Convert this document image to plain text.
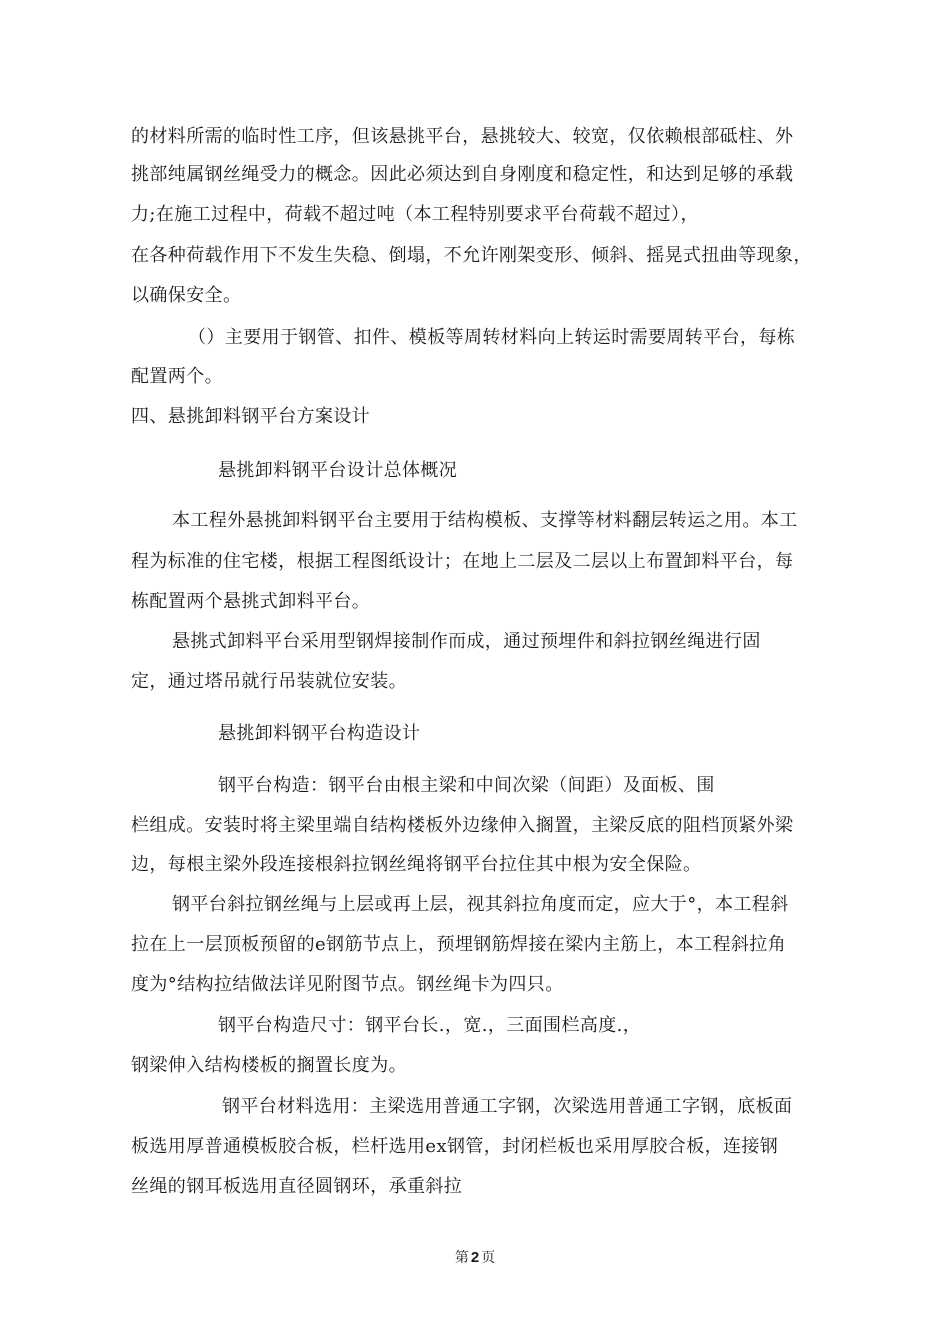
的材料所需的临时性工序，但该悬挑平台，悬挑较大、较宽，仅依赖根部砥柱、外
挑部纯属钢丝绳受力的概念。因此必须达到自身刚度和稳定性，和达到足够的承载
力;在施工过程中，荷载不超过吨（本工程特别要求平台荷载不超过），
在各种荷载作用下不发生失稳、倒塌，不允许刚架变形、倾斜、摇晃式扭曲等现象，
以确保安全。
（）主要用于钢管、扣件、模板等周转材料向上转运时需要周转平台，每栋
配置两个。
四、悬挑卸料钢平台方案设计
悬挑卸料钢平台设计总体概况
本工程外悬挑卸料钢平台主要用于结构模板、支撑等材料翻层转运之用。本工
程为标准的住宅楼，根据工程图纸设计；在地上二层及二层以上布置卸料平台，每
栋配置两个悬挑式卸料平台。
悬挑式卸料平台采用型钢焊接制作而成，通过预埋件和斜拉钢丝绳进行固
定，通过塔吊就行吊装就位安装。
悬挑卸料钢平台构造设计
钢平台构造：钢平台由根主梁和中间次梁（间距）及面板、围
栏组成。安装时将主梁里端自结构楼板外边缘伸入搁置，主梁反底的阻档顶紧外梁
边，每根主梁外段连接根斜拉钢丝绳将钢平台拉住其中根为安全保险。
钢平台斜拉钢丝绳与上层或再上层，视其斜拉角度而定，应大于°，本工程斜
拉在上一层顶板预留的e钢筋节点上，预埋钢筋焊接在梁内主筋上，本工程斜拉角
度为°结构拉结做法详见附图节点。钢丝绳卡为四只。
钢平台构造尺寸：钢平台长.，宽.，三面围栏高度.，
钢梁伸入结构楼板的搁置长度为。
钢平台材料选用：主梁选用普通工字钢，次梁选用普通工字钢，底板面
板选用厚普通模板胶合板，栏杆选用ex钢管，封闭栏板也采用厚胶合板，连接钢
丝绳的钢耳板选用直径圆钢环，承重斜拉
第 2 页
